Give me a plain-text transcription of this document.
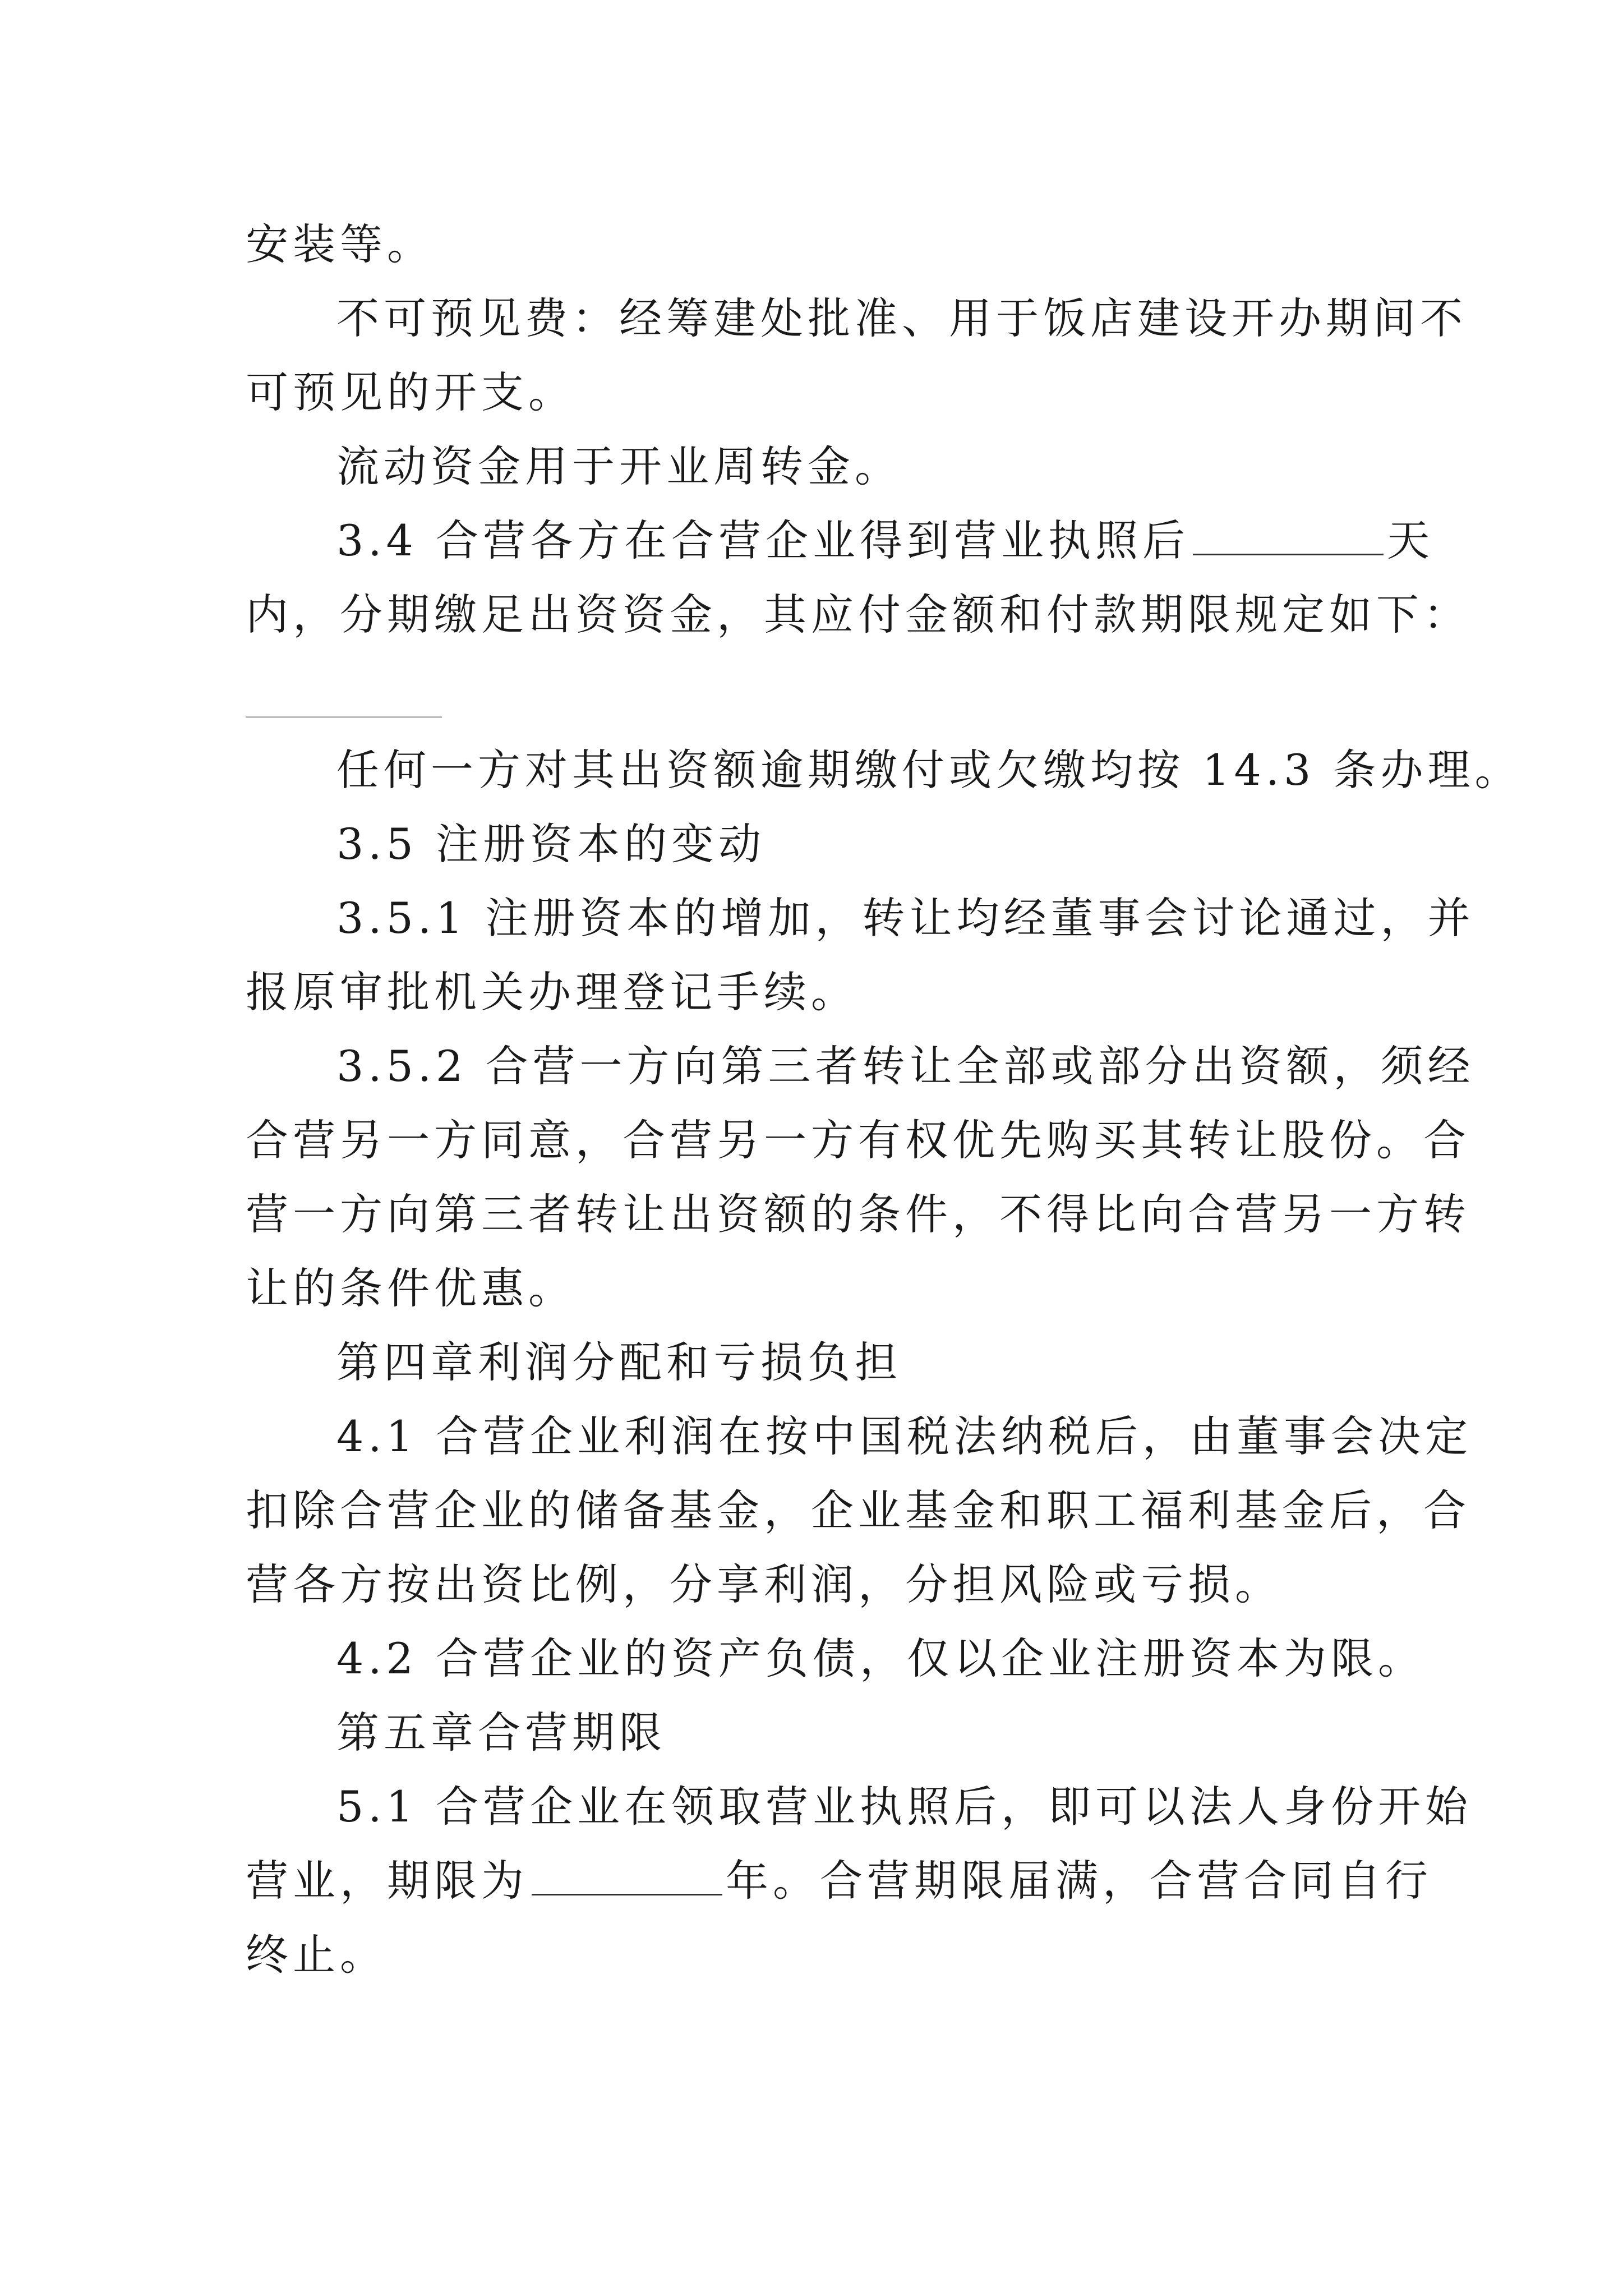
安装等。
不可预见费：经筹建处批准、用于饭店建设开办期间不
可预见的开支。
流动资金用于开业周转金。
3.4 合营各方在合营企业得到营业执照后	天
内，分期缴足出资资金，其应付金额和付款期限规定如下：
任何一方对其出资额逾期缴付或欠缴均按 14.3 条办理。
3.5 注册资本的变动
3.5.1 注册资本的增加，转让均经董事会讨论通过，并
报原审批机关办理登记手续。
3.5.2 合营一方向第三者转让全部或部分出资额，须经
合营另一方同意，合营另一方有权优先购买其转让股份。合
营一方向第三者转让出资额的条件，不得比向合营另一方转
让的条件优惠。
第四章利润分配和亏损负担
4.1 合营企业利润在按中国税法纳税后，由董事会决定
扣除合营企业的储备基金，企业基金和职工福利基金后，合
营各方按出资比例，分享利润，分担风险或亏损。
4.2 合营企业的资产负债，仅以企业注册资本为限。
第五章合营期限
5.1 合营企业在领取营业执照后，即可以法人身份开始
营业，期限为	年。合营期限届满，合营合同自行
终止。
